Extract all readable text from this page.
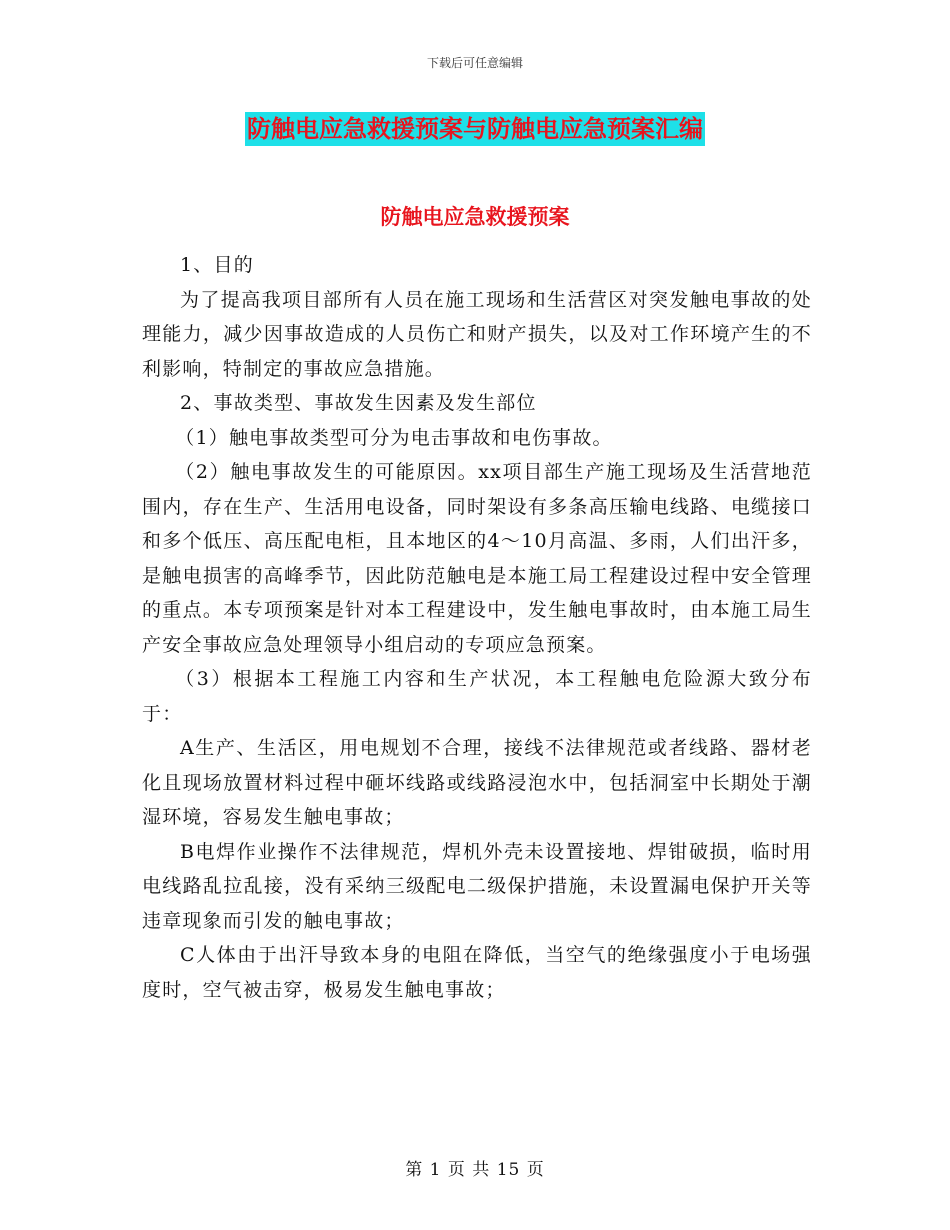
下载后可任意编辑
防触电应急救援预案与防触电应急预案汇编
防触电应急救援预案

1、目的

为了提高我项目部所有人员在施工现场和生活营区对突发触电事故的处理能力，减少因事故造成的人员伤亡和财产损失，以及对工作环境产生的不利影响，特制定的事故应急措施。

2、事故类型、事故发生因素及发生部位

（1）触电事故类型可分为电击事故和电伤事故。

（2）触电事故发生的可能原因。xx项目部生产施工现场及生活营地范围内，存在生产、生活用电设备，同时架设有多条高压输电线路、电缆接口和多个低压、高压配电柜，且本地区的4～10月高温、多雨，人们出汗多，是触电损害的高峰季节，因此防范触电是本施工局工程建设过程中安全管理的重点。本专项预案是针对本工程建设中，发生触电事故时，由本施工局生产安全事故应急处理领导小组启动的专项应急预案。

（3）根据本工程施工内容和生产状况，本工程触电危险源大致分布于：

A生产、生活区，用电规划不合理，接线不法律规范或者线路、器材老化且现场放置材料过程中砸坏线路或线路浸泡水中，包括洞室中长期处于潮湿环境，容易发生触电事故；

B电焊作业操作不法律规范，焊机外壳未设置接地、焊钳破损，临时用电线路乱拉乱接，没有采纳三级配电二级保护措施，未设置漏电保护开关等违章现象而引发的触电事故；

C人体由于出汗导致本身的电阻在降低，当空气的绝缘强度小于电场强度时，空气被击穿，极易发生触电事故；

第 1 页 共 15 页
